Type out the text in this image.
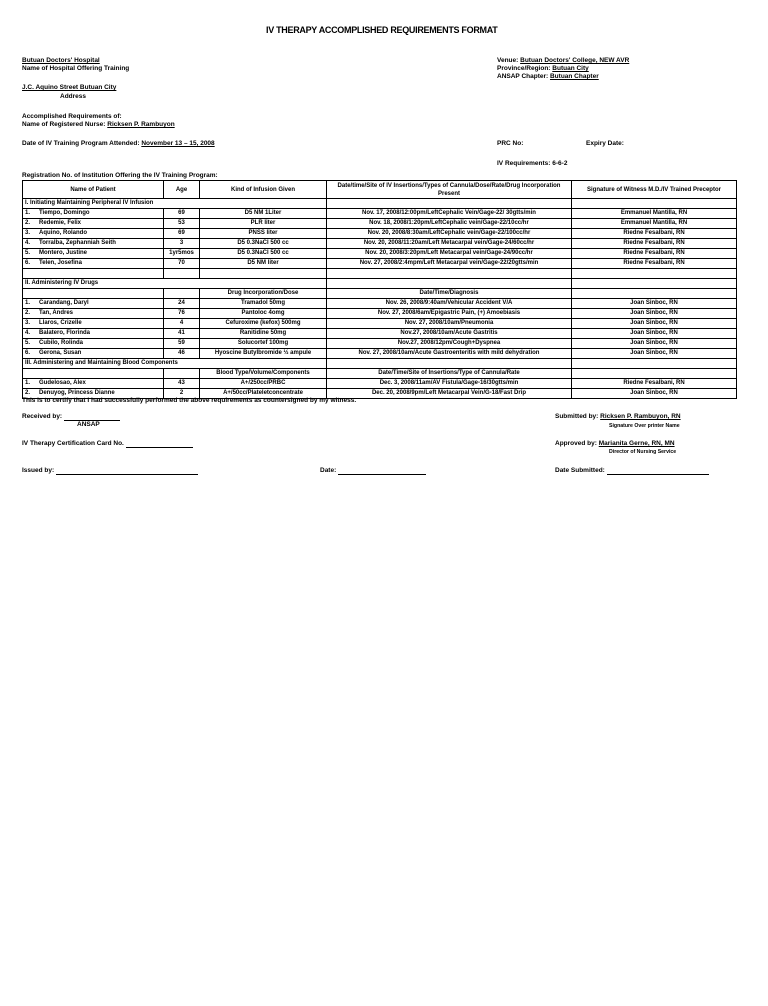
IV THERAPY ACCOMPLISHED REQUIREMENTS FORMAT
Butuan Doctors' Hospital
Name of Hospital Offering Training
J.C. Aquino Street Butuan City
Address
Venue: Butuan Doctors' College, NEW AVR
Province/Region: Butuan City
ANSAP Chapter: Butuan Chapter
Accomplished Requirements of:
Name of Registered Nurse: Ricksen P. Rambuyon
Date of IV Training Program Attended: November 13 – 15, 2008	PRC No:	Expiry Date:
IV Requirements: 6-6-2
Registration No. of Institution Offering the IV Training Program:
Name of Patient	Age	Kind of Infusion Given	Date/time/Site of IV Insertions/Types of Cannula/Dose/Rate/Drug Incorporation Present	Signature of Witness M.D./IV Trained Preceptor
I. Initiating Maintaining Peripheral IV Infusion				
1. Tiempo, Domingo	69	D5 NM 1Liter	Nov. 17, 2008/12:00pm/LeftCephalic Vein/Gage-22/ 30gtts/min	Emmanuel Mantilla, RN
2. Redemie, Felix	53	PLR liter	Nov. 18, 2008/1:20pm/LeftCephalic vein/Gage-22/10cc/hr	Emmanuel Mantilla, RN
3. Aquino, Rolando	69	PNSS liter	Nov. 20, 2008/8:30am/LeftCephalic vein/Gage-22/100cc/hr	Riedne Fesalbani, RN
4. Torralba, Zephanniah Seith	3	D5 0.3NaCl 500 cc	Nov. 20, 2008/11:20am/Left Metacarpal vein/Gage-24/60cc/hr	Riedne Fesalbani, RN
5. Montero, Justine	1yr5mos	D5 0.3NaCl 500 cc	Nov. 20, 2008/3:20pm/Left Metacarpal vein/Gage-24/90cc/hr	Riedne Fesalbani, RN
6. Telen, Josefina	70	D5 NM liter	Nov. 27, 2008/2:4mpm/Left Metacarpal vein/Gage-22/20gtts/min	Riedne Fesalbani, RN

II. Administering IV Drugs				
		Drug Incorporation/Dose	Date/Time/Diagnosis	
1. Carandang, Daryl	24	Tramadol 50mg	Nov. 26, 2008/9:40am/Vehicular Accident V/A	Joan Sinboc, RN
2. Tan, Andres	76	Pantoloc 4omg	Nov. 27, 2008/6am/Epigastric Pain, (+) Amoebiasis	Joan Sinboc, RN
3. Llaros, Crizelle	4	Cefuroxime (kefox) 500mg	Nov. 27, 2008/10am/Pneumonia	Joan Sinboc, RN
4. Balatero, Florinda	41	Ranitidine 50mg	Nov.27, 2008/10am/Acute Gastritis	Joan Sinboc, RN
5. Cubilo, Rolinda	59	Solucortef 100mg	Nov.27, 2008/12pm/Cough+Dyspnea	Joan Sinboc, RN
6. Gerona, Susan	46	Hyoscine Butylbromide ½ ampule	Nov. 27, 2008/10am/Acute Gastroenteritis with mild dehydration	Joan Sinboc, RN
III. Administering and Maintaining Blood Components				
		Blood Type/Volume/Components	Date/Time/Site of Insertions/Type of Cannula/Rate	
1. Gudelosao, Alex	43	A+/250cc/PRBC	Dec. 3, 2008/11am/AV Fistula/Gage-16/30gtts/min	Riedne Fesalbani, RN
2. Denuyog, Princess Dianne	2	A+/50cc/Plateletconcentrate	Dec. 20, 2008/9pm/Left Metacarpal Vein/G-18/Fast Drip	Joan Sinboc, RN
This is to certify that I had successfully performed the above requirements as countersigned by my witness.
Received by:
ANSAP
Submitted by: Ricksen P. Rambuyon, RN
Signature Over printer Name
IV Therapy Certification Card No.	Approved by: Marianita Gerne, RN, MN
Director of Nursing Service
Issued by:	Date:	Date Submitted:
